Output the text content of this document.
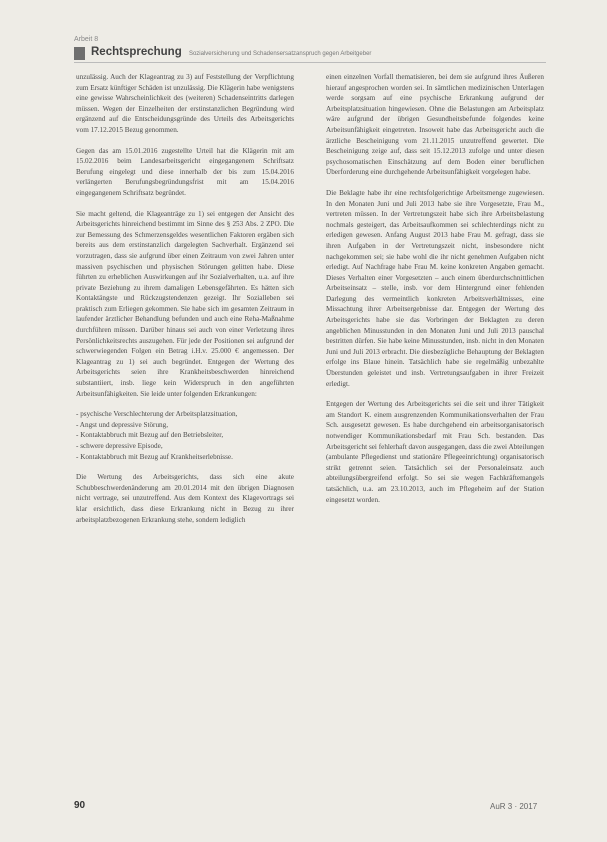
Arbeit 8
Rechtsprechung Sozialversicherung und Schadensersatzanspruch gegen Arbeitgeber

unzulässig. Auch der Klageantrag zu 3) auf Feststellung der Verpflichtung zum Ersatz künftiger Schäden ist unzulässig. Die Klägerin habe wenigstens eine gewisse Wahrscheinlichkeit des (weiteren) Schadenseintritts darlegen müssen. Wegen der Einzelheiten der erstinstanzlichen Begründung wird ergänzend auf die Entscheidungsgründe des Urteils des Arbeitsgerichts vom 17.12.2015 Bezug genommen.

Gegen das am 15.01.2016 zugestellte Urteil hat die Klägerin mit am 15.02.2016 beim Landesarbeitsgericht eingegangenem Schriftsatz Berufung eingelegt und diese innerhalb der bis zum 15.04.2016 verlängerten Berufungsbegründungsfrist mit am 15.04.2016 eingegangenem Schriftsatz begründet.

Sie macht geltend, die Klageanträge zu 1) sei entgegen der Ansicht des Arbeitsgerichts hinreichend bestimmt im Sinne des § 253 Abs. 2 ZPO. Die zur Bemessung des Schmerzensgeldes wesentlichen Faktoren ergäben sich bereits aus dem erstinstanzlich dargelegten Sachverhalt. Ergänzend sei vorzutragen, dass sie aufgrund über einen Zeitraum von zwei Jahren unter massiven psychischen und physischen Störungen gelitten habe. Diese führten zu erheblichen Auswirkungen auf ihr Sozialverhalten, u.a. auf ihre private Beziehung zu ihrem damaligen Lebensgefährten. Es hätten sich Kontaktängste und Rückzugstendenzen gezeigt. Ihr Sozialleben sei praktisch zum Erliegen gekommen. Sie habe sich im gesamten Zeitraum in laufender ärztlicher Behandlung befunden und auch eine Reha-Maßnahme durchführen müssen. Darüber hinaus sei auch von einer Verletzung ihres Persönlichkeitsrechts auszugehen. Für jede der Positionen sei aufgrund der schwerwiegenden Folgen ein Betrag i.H.v. 25.000 € angemessen. Der Klageantrag zu 1) sei auch begründet. Entgegen der Wertung des Arbeitsgerichts seien ihre Krankheitsbeschwerden hinreichend substantiiert, insb. liege kein Widerspruch in den angeführten Arbeitsunfähigkeiten. Sie leide unter folgenden Erkrankungen:

- psychische Verschlechterung der Arbeitsplatzsituation,
- Angst und depressive Störung,
- Kontaktabbruch mit Bezug auf den Betriebsleiter,
- schwere depressive Episode,
- Kontaktabbruch mit Bezug auf Krankheitserlebnisse.

Die Wertung des Arbeitsgerichts, dass sich eine akute Schubbeschwerdenänderung am 20.01.2014 mit den übrigen Diagnosen nicht vertrage, sei unzutreffend. Aus dem Kontext des Klagevortrags sei klar ersichtlich, dass diese Erkrankung nicht in Bezug zu ihrer arbeitsplatzbezogenen Erkrankung stehe, sondern lediglich

einen einzelnen Vorfall thematisieren, bei dem sie aufgrund ihres Äußeren hierauf angesprochen worden sei. In sämtlichen medizinischen Unterlagen werde sorgsam auf eine psychische Erkrankung aufgrund der Arbeitsplatzsituation hingewiesen. Ohne die Belastungen am Arbeitsplatz wäre aufgrund der übrigen Gesundheitsbefunde folgendes keine Arbeitsunfähigkeit eingetreten. Insoweit habe das Arbeitsgericht auch die ärztliche Bescheinigung vom 21.11.2015 unzutreffend gewertet. Die Bescheinigung zeige auf, dass seit 15.12.2013 zufolge und unter diesen psychosomatischen Einschätzung auf dem Boden einer beruflichen Überforderung eine durchgehende Arbeitsunfähigkeit vorgelegen habe.

Die Beklagte habe ihr eine rechtsfolgerichtige Arbeitsmenge zugewiesen. In den Monaten Juni und Juli 2013 habe sie ihre Vorgesetzte, Frau M., vertreten müssen. In der Vertretungszeit habe sich ihre Arbeitsbelastung nochmals gesteigert, das Arbeitsaufkommen sei schlechterdings nicht zu erledigen gewesen. Anfang August 2013 habe Frau M. gefragt, dass sie ihren Aufgaben in der Vertretungszeit nicht, insbesondere nicht nachgekommen sei; sie habe wohl die ihr nicht genehmen Aufgaben nicht erledigt. Auf Nachfrage habe Frau M. keine konkreten Angaben gemacht. Dieses Verhalten einer Vorgesetzten – auch einem überdurchschnittlichen Arbeitseinsatz – stelle, insb. vor dem Hintergrund einer fehlenden Darlegung des vermeintlich konkreten Arbeitsverhältnisses, eine Missachtung ihrer Arbeitsergebnisse dar. Entgegen der Wertung des Arbeitsgerichts habe sie das Vorbringen der Beklagten zu deren angeblichen Minusstunden in den Monaten Juni und Juli 2013 pauschal bestritten dürfen. Sie habe keine Minusstunden, insb. nicht in den Monaten Juni und Juli 2013 erbracht. Die diesbezügliche Behauptung der Beklagten erfolge ins Blaue hinein. Tatsächlich habe sie regelmäßig unbezahlte Überstunden geleistet und insb. Vertretungsaufgaben in ihrer Freizeit erledigt.

Entgegen der Wertung des Arbeitsgerichts sei die seit und ihrer Tätigkeit am Standort K. einem ausgrenzenden Kommunikationsverhalten der Frau Sch. ausgesetzt gewesen. Es habe durchgehend ein arbeitsorganisatorisch notwendiger Kommunikationsbedarf mit Frau Sch. bestanden. Das Arbeitsgericht sei fehlerhaft davon ausgegangen, dass die zwei Abteilungen (ambulante Pflegedienst und stationäre Pflegeeinrichtung) organisatorisch strikt getrennt seien. Tatsächlich sei der Personaleinsatz auch abteilungsübergreifend erfolgt. So sei sie wegen Fachkräftemangels tatsächlich, u.a. am 23.10.2013, auch im Pflegeheim auf der Station eingesetzt worden.

90	AuR 3 · 2017
